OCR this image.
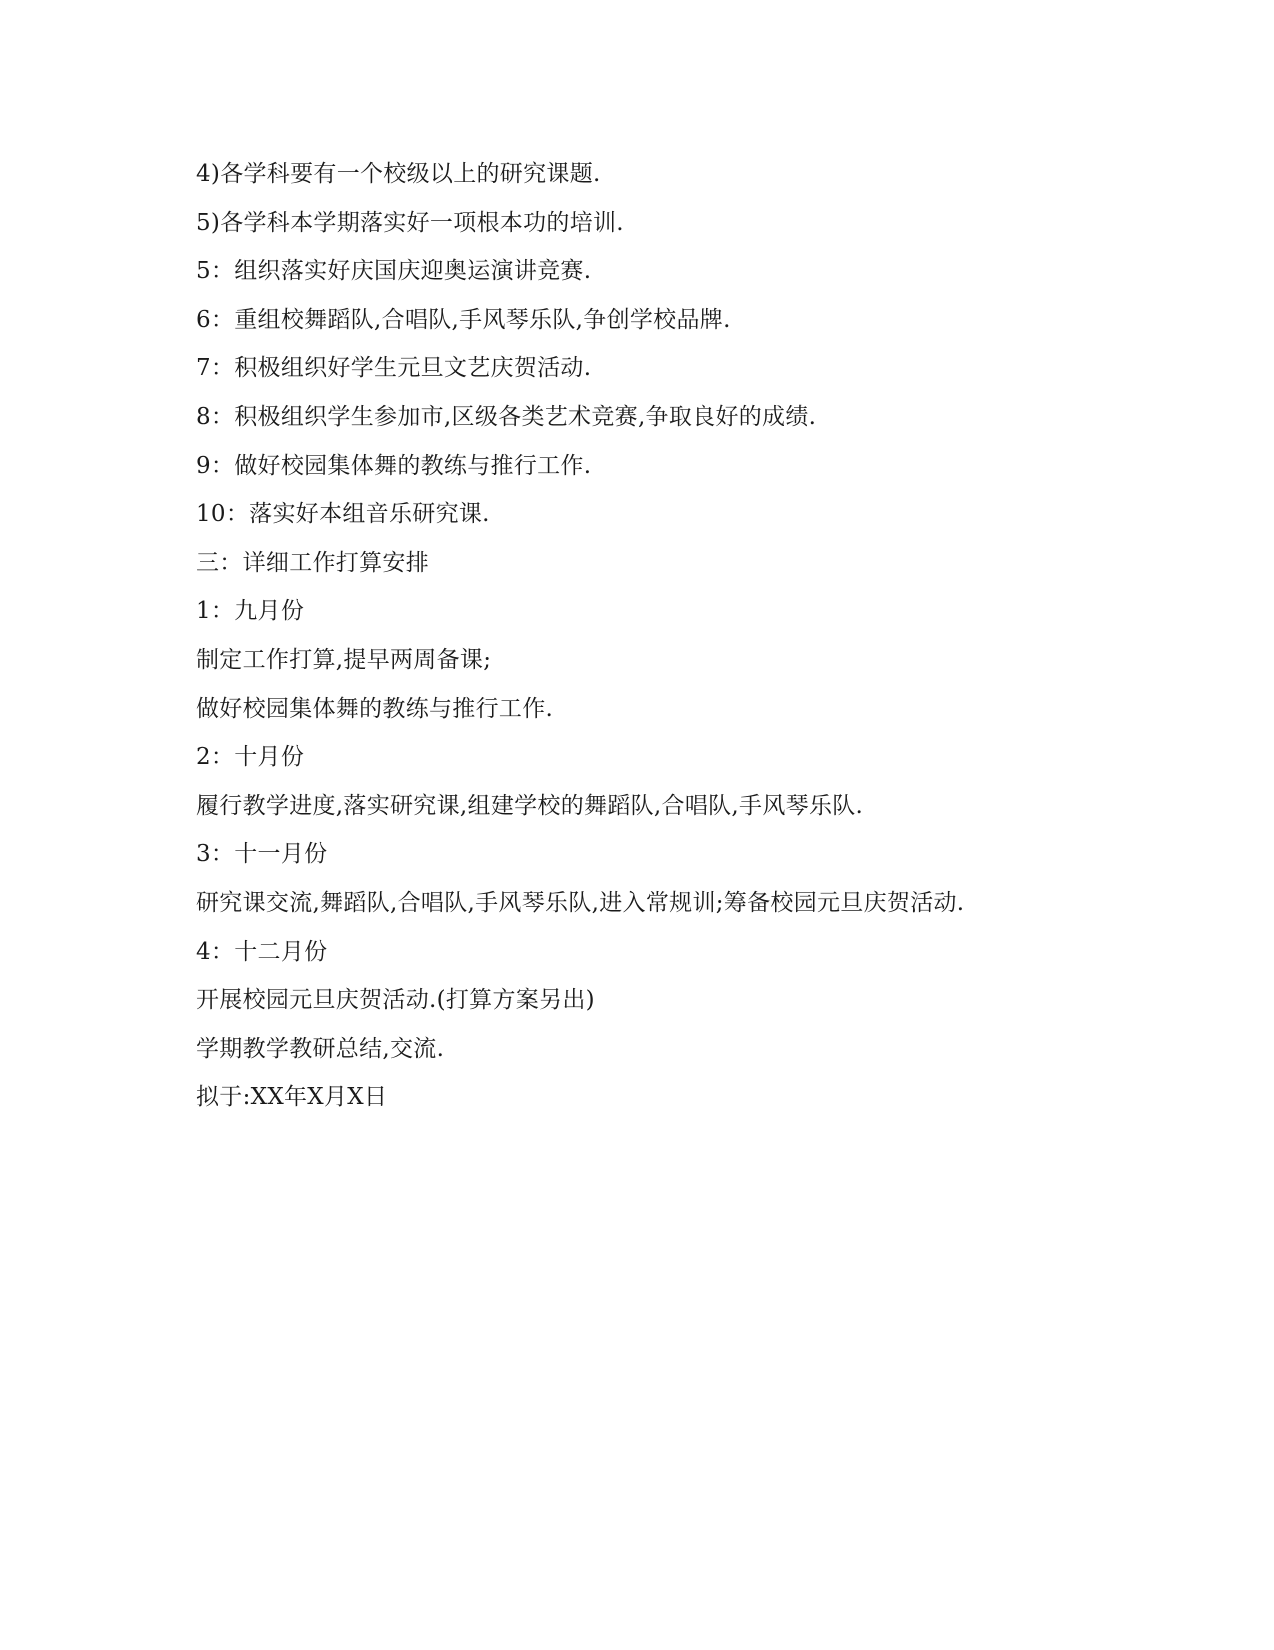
4)各学科要有一个校级以上的研究课题.
5)各学科本学期落实好一项根本功的培训.
5：组织落实好庆国庆迎奥运演讲竞赛.
6：重组校舞蹈队,合唱队,手风琴乐队,争创学校品牌.
7：积极组织好学生元旦文艺庆贺活动.
8：积极组织学生参加市,区级各类艺术竞赛,争取良好的成绩.
9：做好校园集体舞的教练与推行工作.
10：落实好本组音乐研究课.
三：详细工作打算安排
1：九月份
制定工作打算,提早两周备课;
做好校园集体舞的教练与推行工作.
2：十月份
履行教学进度,落实研究课,组建学校的舞蹈队,合唱队,手风琴乐队.
3：十一月份
研究课交流,舞蹈队,合唱队,手风琴乐队,进入常规训;筹备校园元旦庆贺活动.
4：十二月份
开展校园元旦庆贺活动.(打算方案另出)
学期教学教研总结,交流.
拟于:XX年X月X日
